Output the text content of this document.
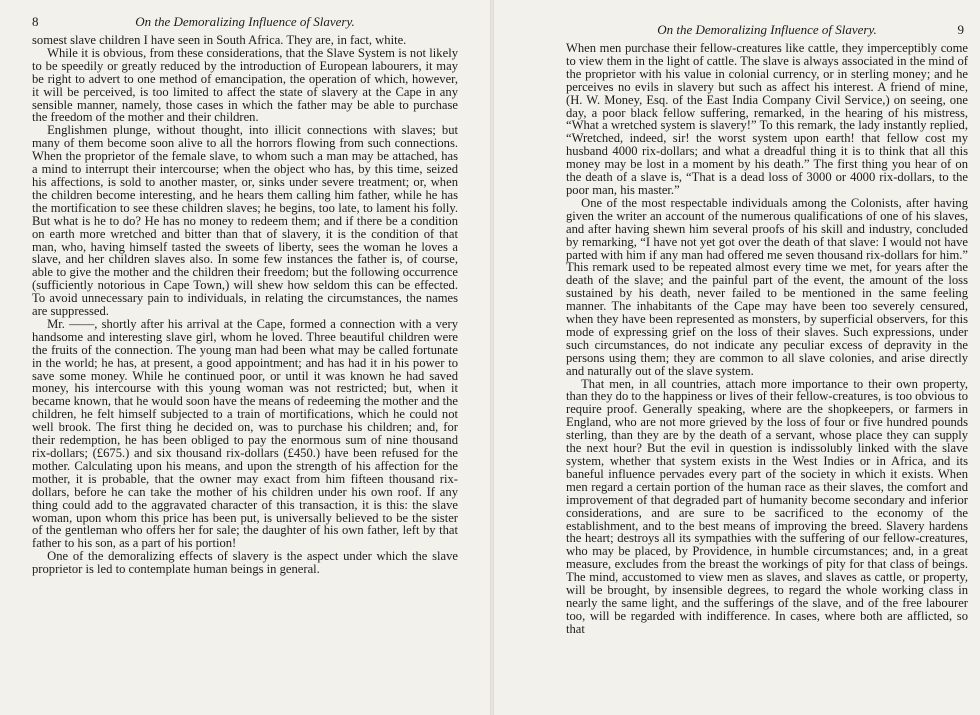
8	On the Demoralizing Influence of Slavery.

somest slave children I have seen in South Africa. They are, in fact, white.

While it is obvious, from these considerations, that the Slave System is not likely to be speedily or greatly reduced by the introduction of European labourers, it may be right to advert to one method of emancipation, the operation of which, however, it will be perceived, is too limited to affect the state of slavery at the Cape in any sensible manner, namely, those cases in which the father may be able to purchase the freedom of the mother and their children.

Englishmen plunge, without thought, into illicit connections with slaves; but many of them become soon alive to all the horrors flowing from such connections. When the proprietor of the female slave, to whom such a man may be attached, has a mind to interrupt their intercourse; when the object who has, by this time, seized his affections, is sold to another master, or, sinks under severe treatment; or, when the children become interesting, and he hears them calling him father, while he has the mortification to see these children slaves; he begins, too late, to lament his folly. But what is he to do? He has no money to redeem them; and if there be a condition on earth more wretched and bitter than that of slavery, it is the condition of that man, who, having himself tasted the sweets of liberty, sees the woman he loves a slave, and her children slaves also. In some few instances the father is, of course, able to give the mother and the children their freedom; but the following occurrence (sufficiently notorious in Cape Town,) will shew how seldom this can be effected. To avoid unnecessary pain to individuals, in relating the circumstances, the names are suppressed.

Mr. ——, shortly after his arrival at the Cape, formed a connection with a very handsome and interesting slave girl, whom he loved. Three beautiful children were the fruits of the connection. The young man had been what may be called fortunate in the world; he has, at present, a good appointment; and has had it in his power to save some money. While he continued poor, or until it was known he had saved money, his intercourse with this young woman was not restricted; but, when it became known, that he would soon have the means of redeeming the mother and the children, he felt himself subjected to a train of mortifications, which he could not well brook. The first thing he decided on, was to purchase his children; and, for their redemption, he has been obliged to pay the enormous sum of nine thousand rix-dollars; (£675.) and six thousand rix-dollars (£450.) have been refused for the mother. Calculating upon his means, and upon the strength of his affection for the mother, it is probable, that the owner may exact from him fifteen thousand rix-dollars, before he can take the mother of his children under his own roof. If any thing could add to the aggravated character of this transaction, it is this: the slave woman, upon whom this price has been put, is universally believed to be the sister of the gentleman who offers her for sale; the daughter of his own father, left by that father to his son, as a part of his portion!

One of the demoralizing effects of slavery is the aspect under which the slave proprietor is led to contemplate human beings in general.

On the Demoralizing Influence of Slavery.	9

When men purchase their fellow-creatures like cattle, they imperceptibly come to view them in the light of cattle. The slave is always associated in the mind of the proprietor with his value in colonial currency, or in sterling money; and he perceives no evils in slavery but such as affect his interest. A friend of mine, (H. W. Money, Esq. of the East India Company Civil Service,) on seeing, one day, a poor black fellow suffering, remarked, in the hearing of his mistress, “What a wretched system is slavery!” To this remark, the lady instantly replied, “Wretched, indeed, sir! the worst system upon earth! that fellow cost my husband 4000 rix-dollars; and what a dreadful thing it is to think that all this money may be lost in a moment by his death.” The first thing you hear of on the death of a slave is, “That is a dead loss of 3000 or 4000 rix-dollars, to the poor man, his master.”

One of the most respectable individuals among the Colonists, after having given the writer an account of the numerous qualifications of one of his slaves, and after having shewn him several proofs of his skill and industry, concluded by remarking, “I have not yet got over the death of that slave: I would not have parted with him if any man had offered me seven thousand rix-dollars for him.” This remark used to be repeated almost every time we met, for years after the death of the slave; and the painful part of the event, the amount of the loss sustained by his death, never failed to be mentioned in the same feeling manner. The inhabitants of the Cape may have been too severely censured, when they have been represented as monsters, by superficial observers, for this mode of expressing grief on the loss of their slaves. Such expressions, under such circumstances, do not indicate any peculiar excess of depravity in the persons using them; they are common to all slave colonies, and arise directly and naturally out of the slave system.

That men, in all countries, attach more importance to their own property, than they do to the happiness or lives of their fellow-creatures, is too obvious to require proof. Generally speaking, where are the shopkeepers, or farmers in England, who are not more grieved by the loss of four or five hundred pounds sterling, than they are by the death of a servant, whose place they can supply the next hour? But the evil in question is indissolubly linked with the slave system, whether that system exists in the West Indies or in Africa, and its baneful influence pervades every part of the society in which it exists. When men regard a certain portion of the human race as their slaves, the comfort and improvement of that degraded part of humanity become secondary and inferior considerations, and are sure to be sacrificed to the economy of the establishment, and to the best means of improving the breed. Slavery hardens the heart; destroys all its sympathies with the suffering of our fellow-creatures, who may be placed, by Providence, in humble circumstances; and, in a great measure, excludes from the breast the workings of pity for that class of beings. The mind, accustomed to view men as slaves, and slaves as cattle, or property, will be brought, by insensible degrees, to regard the whole working class in nearly the same light, and the sufferings of the slave, and of the free labourer too, will be regarded with indifference. In cases, where both are afflicted, so that
